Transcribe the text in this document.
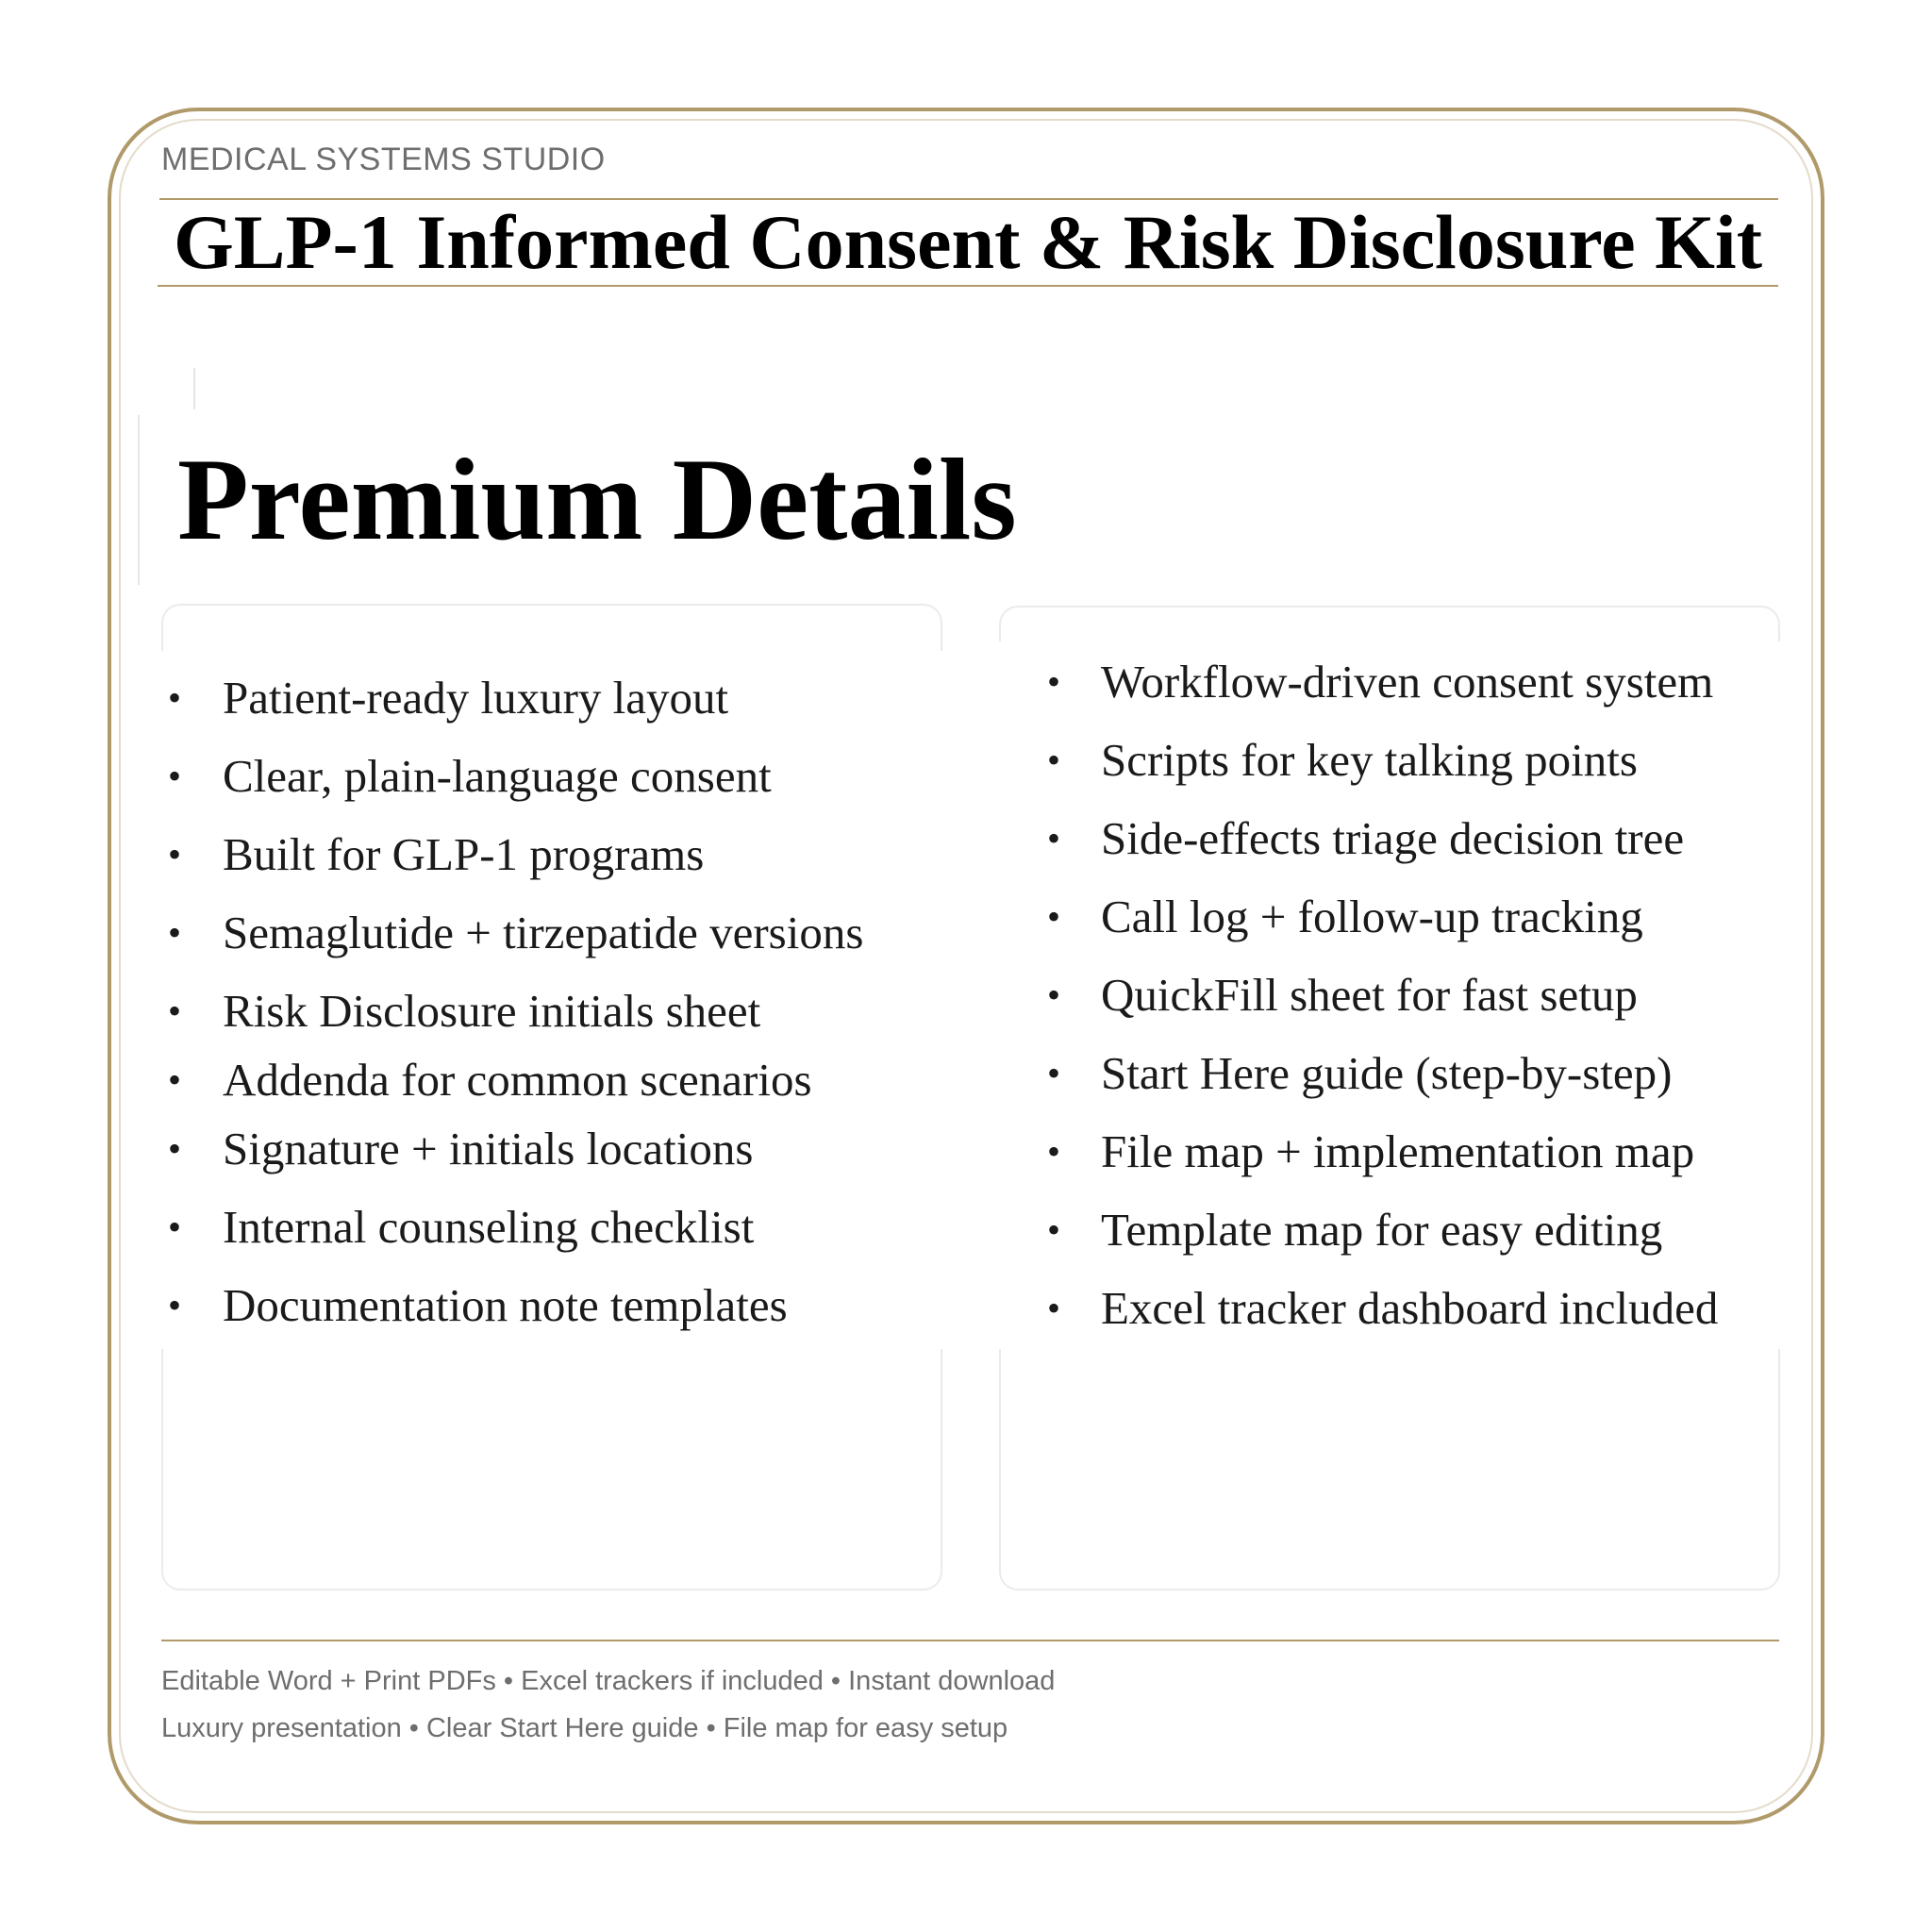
MEDICAL SYSTEMS STUDIO
GLP-1 Informed Consent & Risk Disclosure Kit
Premium Details
• Patient-ready luxury layout
• Clear, plain-language consent
• Built for GLP-1 programs
• Semaglutide + tirzepatide versions
• Risk Disclosure initials sheet
• Addenda for common scenarios
• Signature + initials locations
• Internal counseling checklist
• Documentation note templates
• Workflow-driven consent system
• Scripts for key talking points
• Side-effects triage decision tree
• Call log + follow-up tracking
• QuickFill sheet for fast setup
• Start Here guide (step-by-step)
• File map + implementation map
• Template map for easy editing
• Excel tracker dashboard included
Editable Word + Print PDFs • Excel trackers if included • Instant download
Luxury presentation • Clear Start Here guide • File map for easy setup
